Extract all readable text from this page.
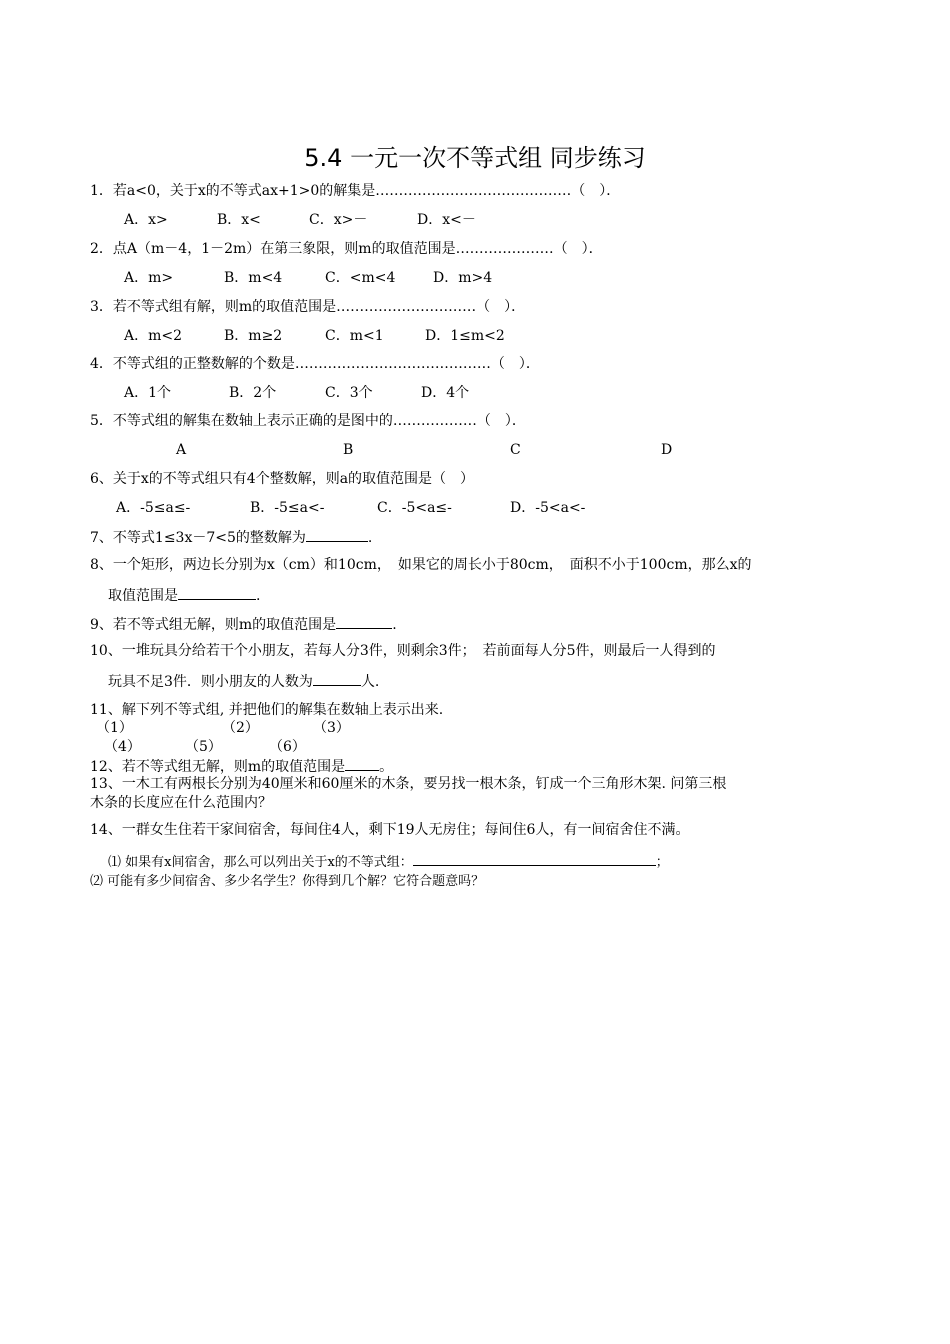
5.4 一元一次不等式组 同步练习
1．若a<0，关于x的不等式ax+1>0的解集是……………………………………（　）．
A．x>	B．x<	C．x>－	D．x<－
2．点A（m－4，1－2m）在第三象限，则m的取值范围是…………………（　）．
A．m>	B．m<4	C．<m<4	D．m>4
3．若不等式组有解，则m的取值范围是…………………………（　）．
A．m<2	B．m≥2	C．m<1	D．1≤m<2
4．不等式组的正整数解的个数是……………………………………（　）．
A．1个	B．2个	C．3个	D．4个
5．不等式组的解集在数轴上表示正确的是图中的………………（　）．
A	B	C	D
6、关于x的不等式组只有4个整数解，则a的取值范围是（　）
A．-5≤a≤-	B．-5≤a<-	C．-5<a≤-	D．-5<a<-
7、不等式1≤3x－7<5的整数解为	.
8、一个矩形，两边长分别为x（cm）和10cm，　如果它的周长小于80cm，　面积不小于100cm，那么x的
取值范围是	.
9、若不等式组无解，则m的取值范围是	.
10、一堆玩具分给若干个小朋友，若每人分3件，则剩余3件；　若前面每人分5件，则最后一人得到的
玩具不足3件．则小朋友的人数为	人.
11、解下列不等式组, 并把他们的解集在数轴上表示出来.
（1）	（2）	（3）
（4）	（5）	（6）
12、若不等式组无解，则m的取值范围是 。
13、一木工有两根长分别为40厘米和60厘米的木条，要另找一根木条，钉成一个三角形木架. 问第三根
木条的长度应在什么范围内？
14、一群女生住若干家间宿舍，每间住4人，剩下19人无房住；每间住6人，有一间宿舍住不满。
⑴ 如果有x间宿舍，那么可以列出关于x的不等式组：	；
⑵ 可能有多少间宿舍、多少名学生？你得到几个解？它符合题意吗？
